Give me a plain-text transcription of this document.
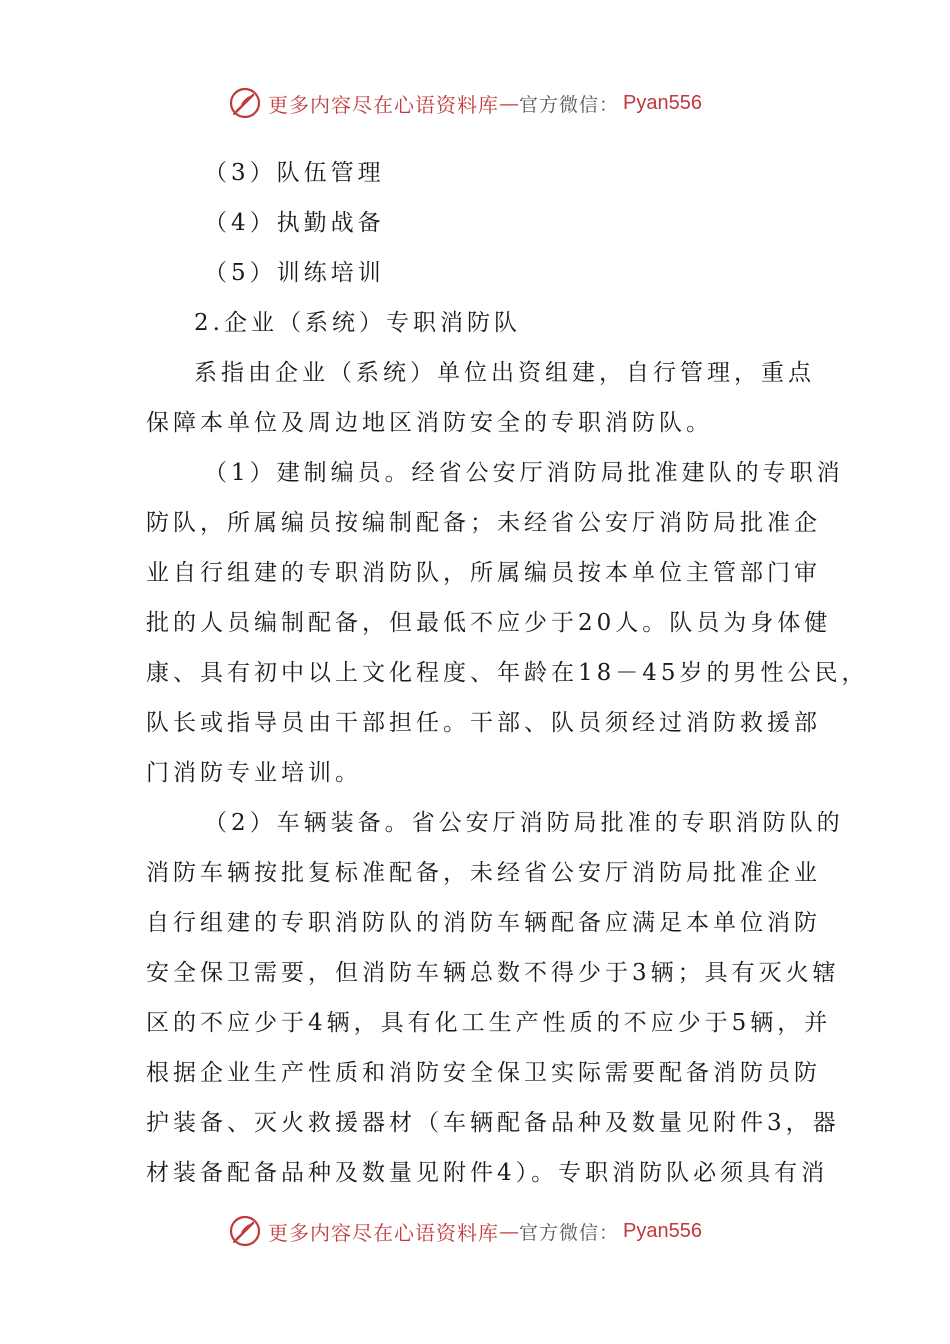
更多内容尽在心语资料库 — 官方微信： Pyan556
（3）队伍管理
（4）执勤战备
（5）训练培训
2.企业（系统）专职消防队
系指由企业（系统）单位出资组建，自行管理，重点
保障本单位及周边地区消防安全的专职消防队。
（1）建制编员。经省公安厅消防局批准建队的专职消
防队，所属编员按编制配备；未经省公安厅消防局批准企
业自行组建的专职消防队，所属编员按本单位主管部门审
批的人员编制配备，但最低不应少于20人。队员为身体健
康、具有初中以上文化程度、年龄在18－45岁的男性公民，
队长或指导员由干部担任。干部、队员须经过消防救援部
门消防专业培训。
（2）车辆装备。省公安厅消防局批准的专职消防队的
消防车辆按批复标准配备，未经省公安厅消防局批准企业
自行组建的专职消防队的消防车辆配备应满足本单位消防
安全保卫需要，但消防车辆总数不得少于3辆；具有灭火辖
区的不应少于4辆，具有化工生产性质的不应少于5辆，并
根据企业生产性质和消防安全保卫实际需要配备消防员防
护装备、灭火救援器材（车辆配备品种及数量见附件3，器
材装备配备品种及数量见附件4）。专职消防队必须具有消
更多内容尽在心语资料库 — 官方微信： Pyan556
